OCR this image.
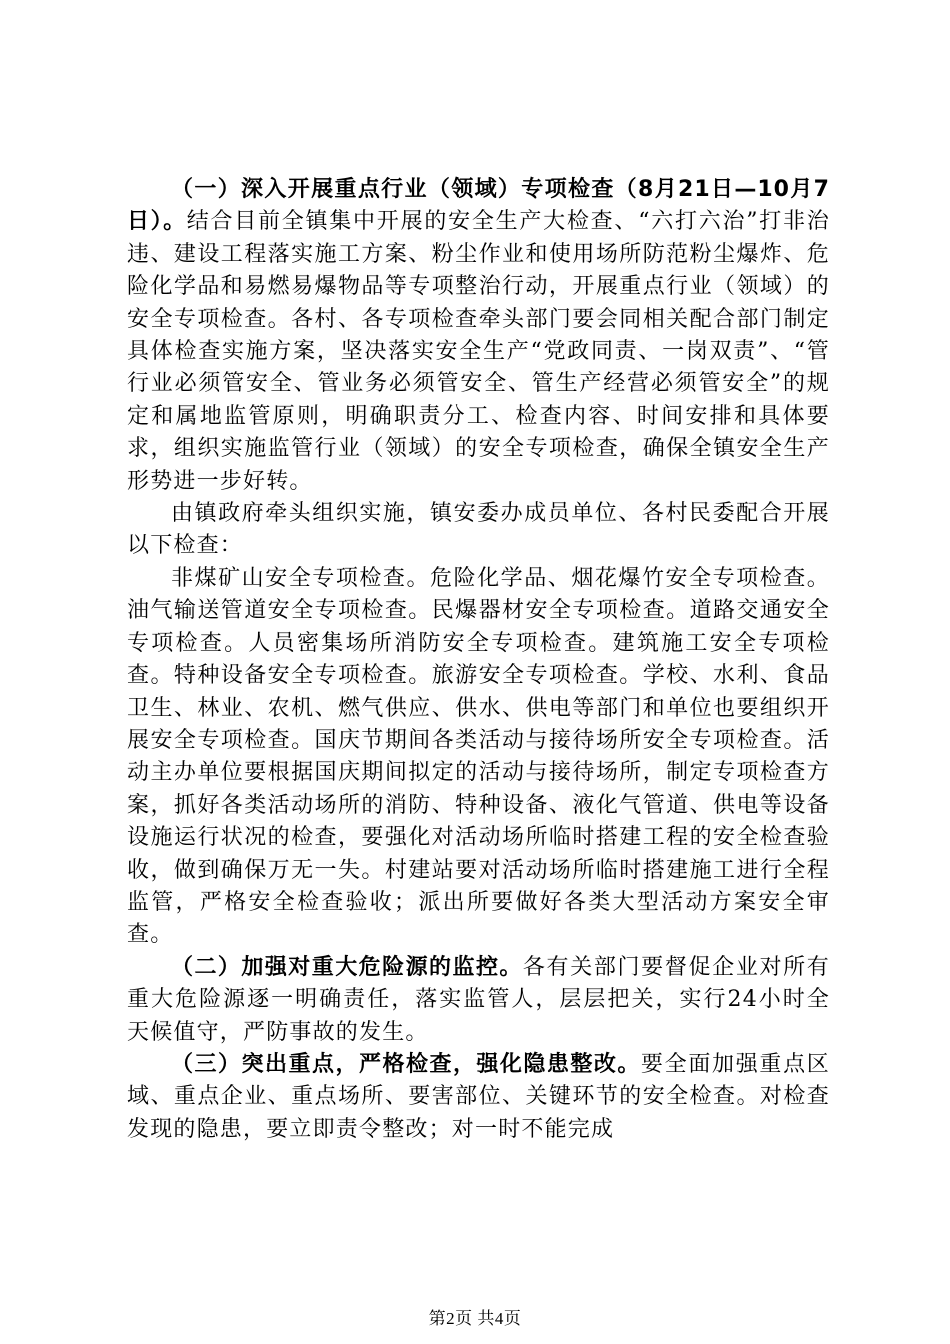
（一）深入开展重点行业（领域）专项检查（8月21日—10月7日）。结合目前全镇集中开展的安全生产大检查、“六打六治”打非治违、建设工程落实施工方案、粉尘作业和使用场所防范粉尘爆炸、危险化学品和易燃易爆物品等专项整治行动，开展重点行业（领域）的安全专项检查。各村、各专项检查牵头部门要会同相关配合部门制定具体检查实施方案，坚决落实安全生产“党政同责、一岗双责”、“管行业必须管安全、管业务必须管安全、管生产经营必须管安全”的规定和属地监管原则，明确职责分工、检查内容、时间安排和具体要求，组织实施监管行业（领域）的安全专项检查，确保全镇安全生产形势进一步好转。

由镇政府牵头组织实施，镇安委办成员单位、各村民委配合开展以下检查：

非煤矿山安全专项检查。危险化学品、烟花爆竹安全专项检查。油气输送管道安全专项检查。民爆器材安全专项检查。道路交通安全专项检查。人员密集场所消防安全专项检查。建筑施工安全专项检查。特种设备安全专项检查。旅游安全专项检查。学校、水利、食品卫生、林业、农机、燃气供应、供水、供电等部门和单位也要组织开展安全专项检查。国庆节期间各类活动与接待场所安全专项检查。活动主办单位要根据国庆期间拟定的活动与接待场所，制定专项检查方案，抓好各类活动场所的消防、特种设备、液化气管道、供电等设备设施运行状况的检查，要强化对活动场所临时搭建工程的安全检查验收，做到确保万无一失。村建站要对活动场所临时搭建施工进行全程监管，严格安全检查验收；派出所要做好各类大型活动方案安全审查。

（二）加强对重大危险源的监控。各有关部门要督促企业对所有重大危险源逐一明确责任，落实监管人，层层把关，实行24小时全天候值守，严防事故的发生。

（三）突出重点，严格检查，强化隐患整改。要全面加强重点区域、重点企业、重点场所、要害部位、关键环节的安全检查。对检查发现的隐患，要立即责令整改；对一时不能完成

第2页 共4页
